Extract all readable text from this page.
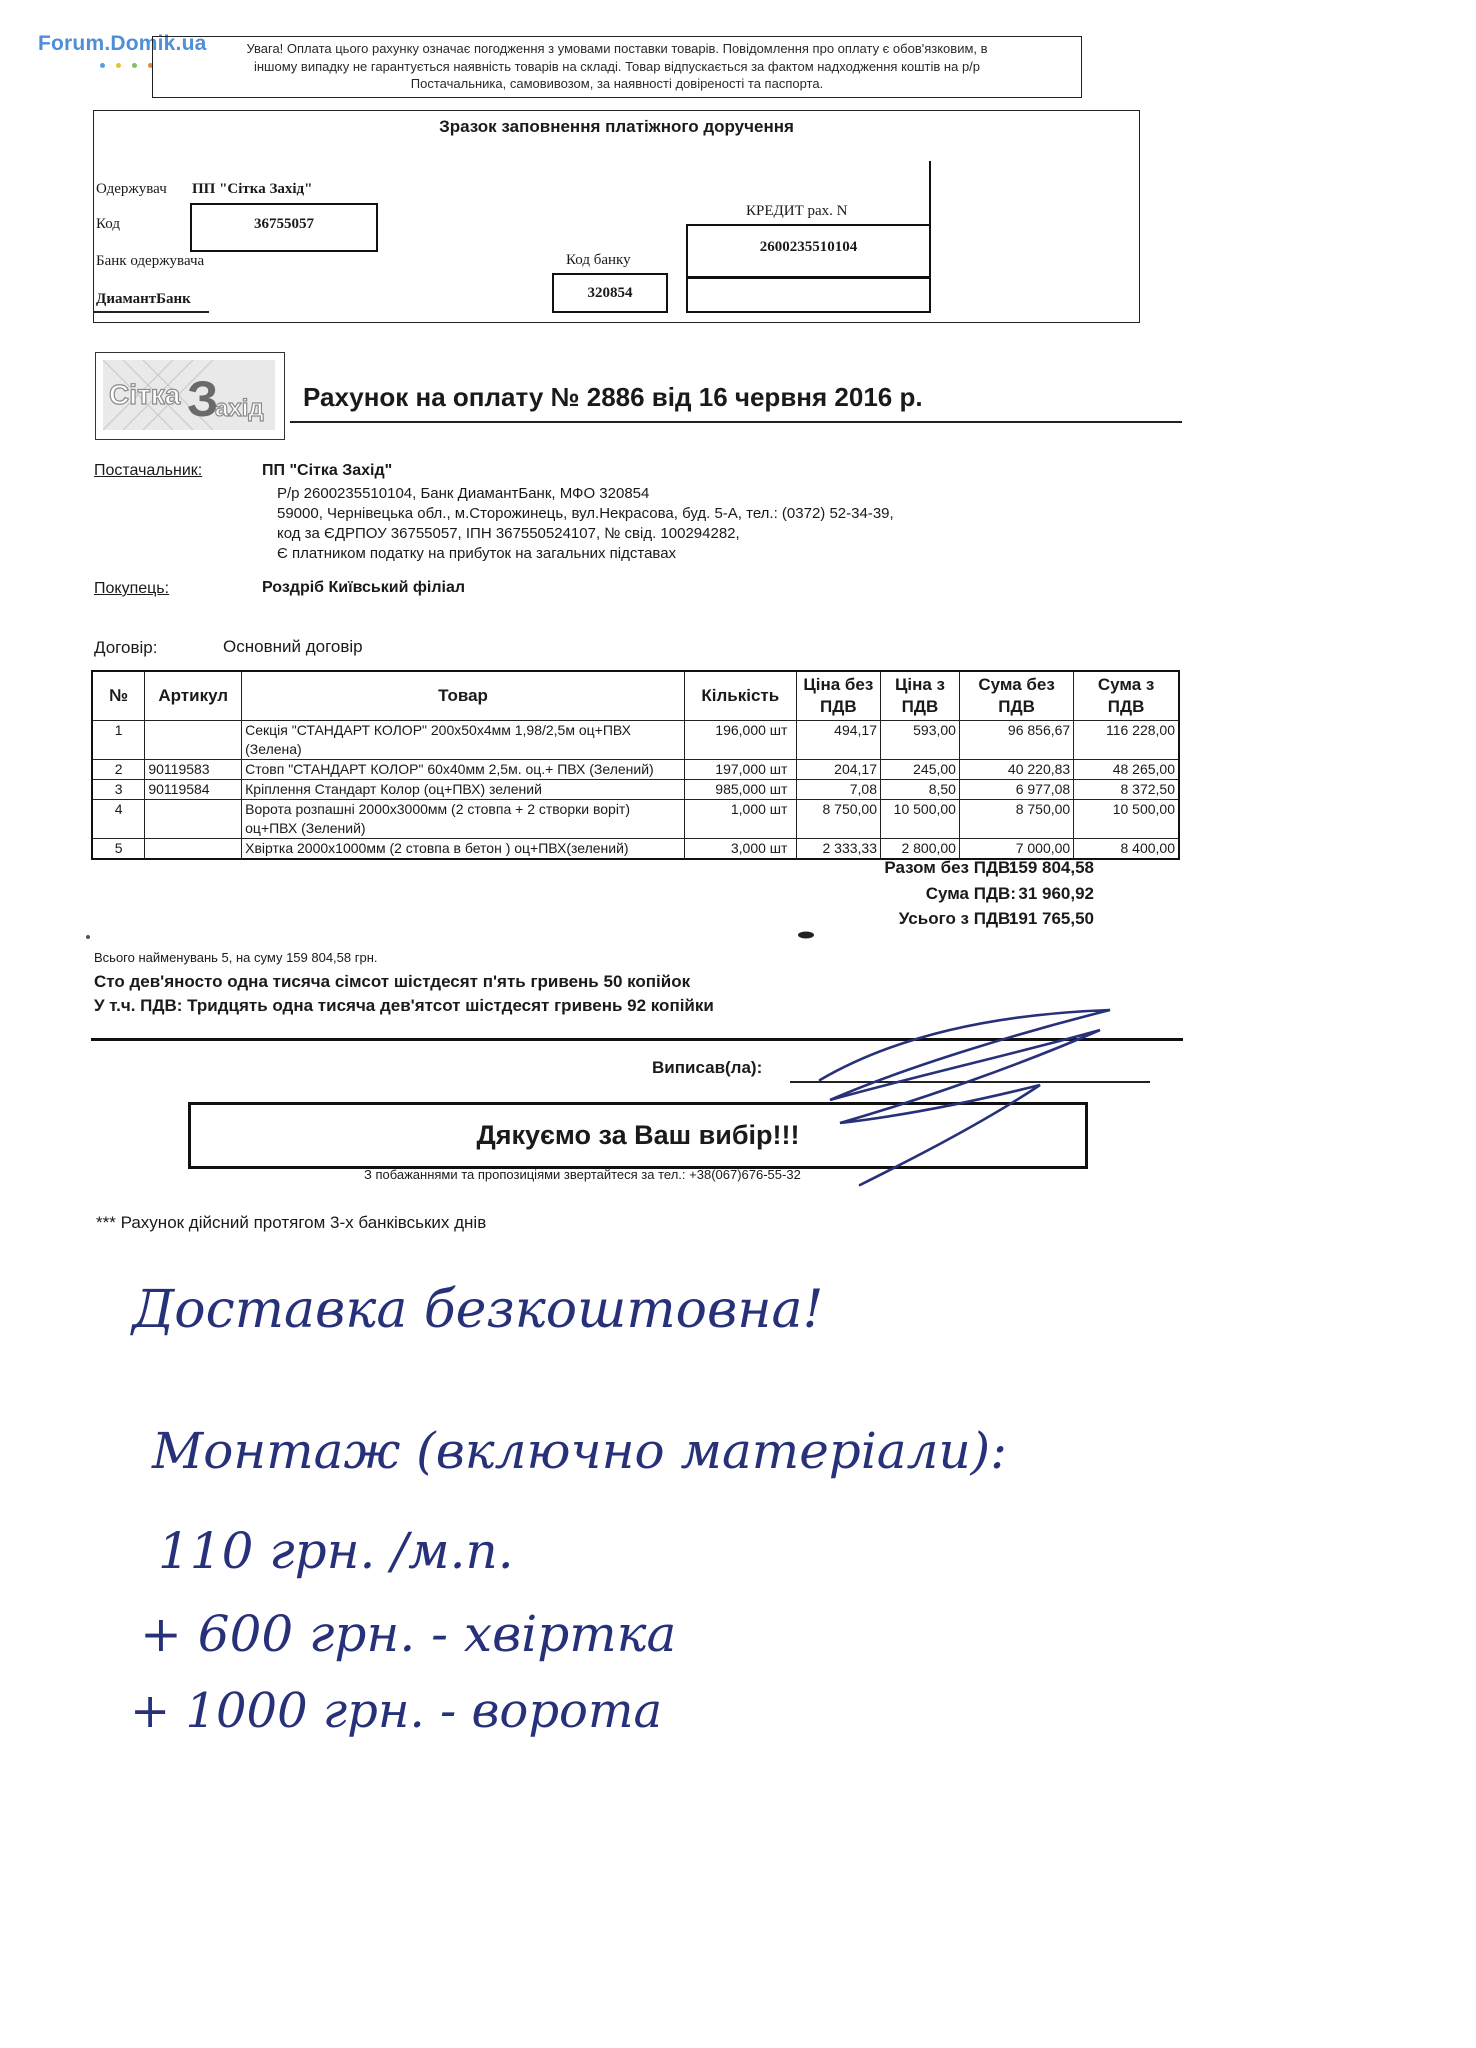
Forum.Domik.ua	Увага! Оплата цього рахунку означає погодження з умовами поставки товарів. Повідомлення про оплату є обов'язковим, в
іншому випадку не гарантується наявність товарів на складі. Товар відпускається за фактом надходження коштів на р/р
Постачальника, самовивозом, за наявності довіреності та паспорта.
Зразок заповнення платіжного доручення
Одержувач ПП "Сітка Захід"
Код	36755057
Банк одержувача
ДиамантБанк
Код банку
320854
КРЕДИТ рах. N
2600235510104
Сітка З
ахід Рахунок на оплату № 2886 від 16 червня 2016 р.
Постачальник:	ПП "Сітка Захід"
Р/р 2600235510104, Банк ДиамантБанк, МФО 320854
59000, Чернівецька обл., м.Сторожинець, вул.Некрасова, буд. 5-А, тел.: (0372) 52-34-39,
код за ЄДРПОУ 36755057, ІПН 367550524107, № свід. 100294282,
Є платником податку на прибуток на загальних підставах
Покупець:	Роздріб Київський філіал
Договір:	Основний договір
№	Артикул	Товар	Кількість	Ціна без ПДВ	Ціна з ПДВ	Сума без ПДВ	Сума з ПДВ
1		Секція "СТАНДАРТ КОЛОР" 200х50х4мм 1,98/2,5м оц+ПВХ (Зелена)	196,000 шт	494,17	593,00	96 856,67	116 228,00
2	90119583	Стовп "СТАНДАРТ КОЛОР" 60х40мм 2,5м. оц.+ ПВХ (Зелений)	197,000 шт	204,17	245,00	40 220,83	48 265,00
3	90119584	Кріплення Стандарт Колор (оц+ПВХ) зелений	985,000 шт	7,08	8,50	6 977,08	8 372,50
4		Ворота розпашні 2000х3000мм (2 стовпа + 2 створки воріт) оц+ПВХ (Зелений)	1,000 шт	8 750,00	10 500,00	8 750,00	10 500,00
5		Хвіртка 2000х1000мм (2 стовпа в бетон ) оц+ПВХ(зелений)	3,000 шт	2 333,33	2 800,00	7 000,00	8 400,00
Разом без ПДВ:
159 804,58
Сума ПДВ: 31 960,92
Усього з ПДВ:
191 765,50
Всього найменувань 5, на суму 159 804,58 грн.
Сто дев'яносто одна тисяча сімсот шістдесят п'ять гривень 50 копійок
У т.ч. ПДВ: Тридцять одна тисяча дев'ятсот шістдесят гривень 92 копійки
Виписав(ла):
Дякуємо за Ваш вибір!!!
З побажаннями та пропозиціями звертайтеся за тел.: +38(067)676-55-32
*** Рахунок дійсний протягом 3-х банківських днів
Доставка безкоштовна!
Монтаж (включно матеріали):
110 грн. /м.п.
+ 600 грн. - хвіртка
+ 1000 грн. - ворота
